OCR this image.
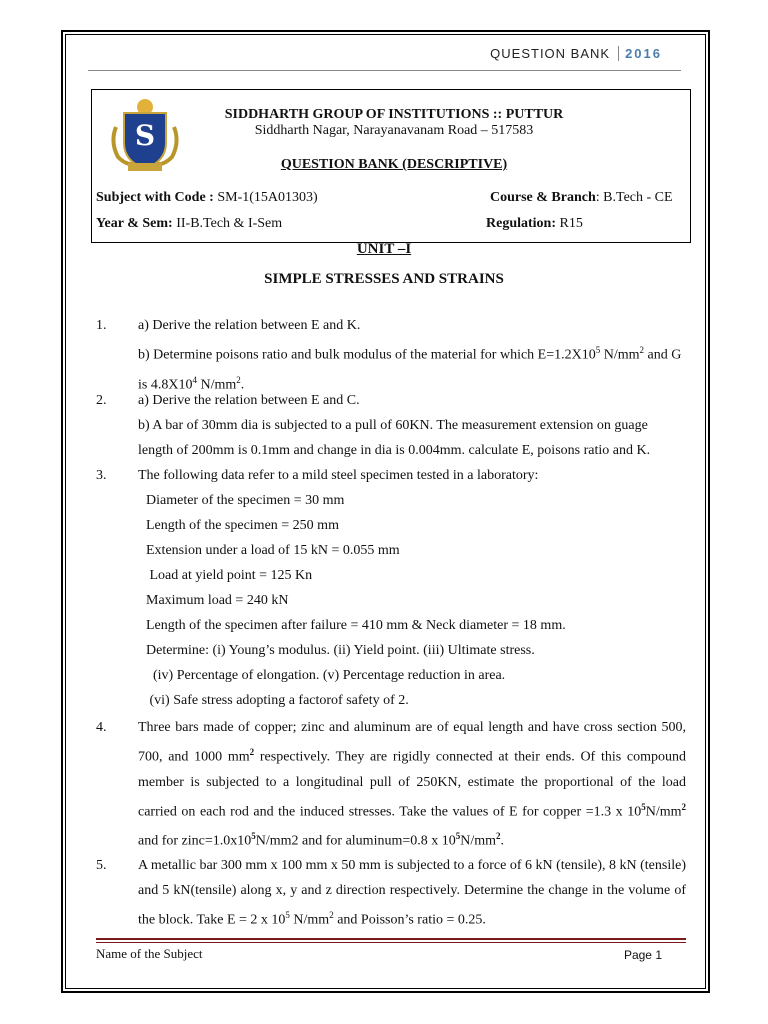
QUESTION BANK	2016
S
SIDDHARTH GROUP OF INSTITUTIONS :: PUTTUR
Siddharth Nagar, Narayanavanam Road – 517583
QUESTION BANK (DESCRIPTIVE)
Subject with Code : SM-1(15A01303)	Course & Branch: B.Tech - CE
Year & Sem: II-B.Tech & I-Sem	Regulation: R15
UNIT –I
SIMPLE STRESSES AND STRAINS
1. a) Derive the relation between E and K.
b) Determine poisons ratio and bulk modulus of the material for which $E=1.2X10^5$ $N/mm^2$ and G is $4.8X10^4$ $N/mm^2$.
2. a) Derive the relation between E and C.
b) A bar of 30mm dia is subjected to a pull of 60KN. The measurement extension on guage length of 200mm is 0.1mm and change in dia is 0.004mm. calculate E, poisons ratio and K.
3. The following data refer to a mild steel specimen tested in a laboratory:
Diameter of the specimen = 30 mm
Length of the specimen = 250 mm
Extension under a load of 15 kN = 0.055 mm
Load at yield point = 125 Kn
Maximum load = 240 kN
Length of the specimen after failure = 410 mm & Neck diameter = 18 mm.
Determine: (i) Young’s modulus. (ii) Yield point. (iii) Ultimate stress.
(iv) Percentage of elongation. (v) Percentage reduction in area.
(vi) Safe stress adopting a factorof safety of 2.
4. Three bars made of copper; zinc and aluminum are of equal length and have cross section 500, 700, and 1000 $mm^2$ respectively. They are rigidly connected at their ends. Of this compound member is subjected to a longitudinal pull of 250KN, estimate the proportional of the load carried on each rod and the induced stresses. Take the values of E for copper =1.3 x $10^5N/mm^2$ and for $zinc=1.0x10^5N/mm2$ and for aluminum=0.8 x $10^5N/mm^2$.
5. A metallic bar 300 mm x 100 mm x 50 mm is subjected to a force of 6 kN (tensile), 8 kN (tensile) and 5 kN(tensile) along x, y and z direction respectively. Determine the change in the volume of the block. Take E = 2 x $10^5$ $N/mm^2$ and Poisson’s ratio = 0.25.
Name of the Subject	Page 1
